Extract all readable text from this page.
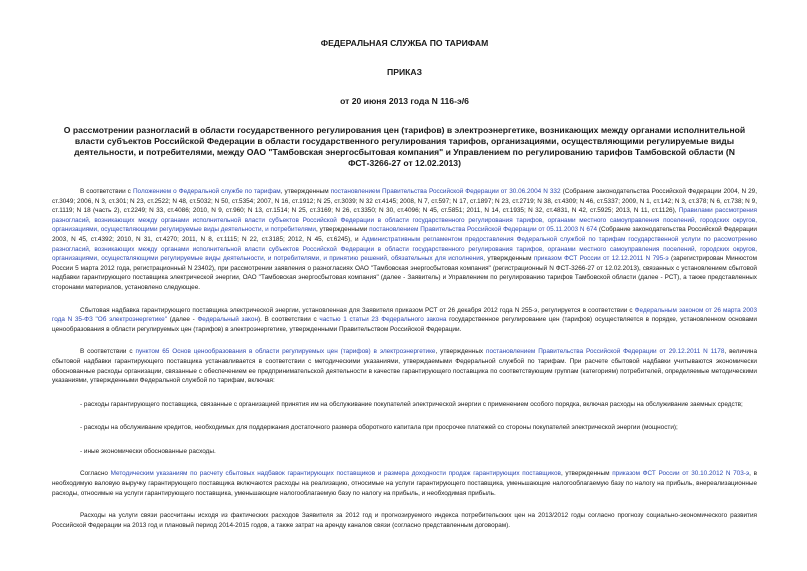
ФЕДЕРАЛЬНАЯ СЛУЖБА ПО ТАРИФАМ
ПРИКАЗ
от 20 июня 2013 года N 116-э/6
О рассмотрении разногласий в области государственного регулирования цен (тарифов) в электроэнергетике, возникающих между органами исполнительной власти субъектов Российской Федерации в области государственного регулирования тарифов, организациями, осуществляющими регулируемые виды деятельности, и потребителями, между ОАО "Тамбовская энергосбытовая компания" и Управлением по регулированию тарифов Тамбовской области (N ФСТ-3266-27 от 12.02.2013)

В соответствии с Положением о Федеральной службе по тарифам, утвержденным постановлением Правительства Российской Федерации от 30.06.2004 N 332 (Собрание законодательства Российской Федерации 2004, N 29, ст.3049; 2006, N 3, ст.301; N 23, ст.2522; N 48, ст.5032; N 50, ст.5354; 2007, N 16, ст.1912; N 25, ст.3039; N 32 ст.4145; 2008, N 7, ст.597; N 17, ст.1897; N 23, ст.2719; N 38, ст.4309; N 46, ст.5337; 2009, N 1, ст.142; N 3, ст.378; N 6, ст.738; N 9, ст.1119; N 18 (часть 2), ст.2249; N 33, ст.4086; 2010, N 9, ст.960; N 13, ст.1514; N 25, ст.3169; N 26, ст.3350; N 30, ст.4096; N 45, ст.5851; 2011, N 14, ст.1935; N 32, ст.4831, N 42, ст.5925; 2013, N 11, ст.1126), Правилами рассмотрения разногласий, возникающих между органами исполнительной власти субъектов Российской Федерации в области государственного регулирования тарифов, органами местного самоуправления поселений, городских округов, организациями, осуществляющими регулируемые виды деятельности, и потребителями, утвержденными постановлением Правительства Российской Федерации от 05.11.2003 N 674 (Собрание законодательства Российской Федерации 2003, N 45, ст.4392; 2010, N 31, ст.4270; 2011, N 8, ст.1115; N 22, ст.3185; 2012, N 45, ст.6245), и Административным регламентом предоставления Федеральной службой по тарифам государственной услуги по рассмотрению разногласий, возникающих между органами исполнительной власти субъектов Российской Федерации в области государственного регулирования тарифов, органами местного самоуправления поселений, городских округов, организациями, осуществляющими регулируемые виды деятельности, и потребителями, и принятию решений, обязательных для исполнения, утвержденным приказом ФСТ России от 12.12.2011 N 795-э (зарегистрирован Минюстом России 5 марта 2012 года, регистрационный N 23402), при рассмотрении заявления о разногласиях ОАО "Тамбовская энергосбытовая компания" (регистрационный N ФСТ-3266-27 от 12.02.2013), связанных с установлением сбытовой надбавки гарантирующего поставщика электрической энергии, ОАО "Тамбовская энергосбытовая компания" (далее - Заявитель) и Управлением по регулированию тарифов Тамбовской области (далее - РСТ), а также представленных сторонами материалов, установлено следующее.

Сбытовая надбавка гарантирующего поставщика электрической энергии, установленная для Заявителя приказом РСТ от 26 декабря 2012 года N 255-э, регулируется в соответствии с Федеральным законом от 26 марта 2003 года N 35-ФЗ "Об электроэнергетике" (далее - Федеральный закон). В соответствии с частью 1 статьи 23 Федерального закона государственное регулирование цен (тарифов) осуществляется в порядке, установленном основами ценообразования в области регулируемых цен (тарифов) в электроэнергетике, утвержденными Правительством Российской Федерации.

В соответствии с пунктом 65 Основ ценообразования в области регулируемых цен (тарифов) в электроэнергетике, утвержденных постановлением Правительства Российской Федерации от 29.12.2011 N 1178, величина сбытовой надбавки гарантирующего поставщика устанавливается в соответствии с методическими указаниями, утверждаемыми Федеральной службой по тарифам. При расчете сбытовой надбавки учитываются экономически обоснованные расходы организации, связанные с обеспечением ее предпринимательской деятельности в качестве гарантирующего поставщика по соответствующим группам (категориям) потребителей, определяемые методическими указаниями, утвержденными Федеральной службой по тарифам, включая:

- расходы гарантирующего поставщика, связанные с организацией принятия им на обслуживание покупателей электрической энергии с применением особого порядка, включая расходы на обслуживание заемных средств;

- расходы на обслуживание кредитов, необходимых для поддержания достаточного размера оборотного капитала при просрочке платежей со стороны покупателей электрической энергии (мощности);

- иные экономически обоснованные расходы.

Согласно Методическим указаниям по расчету сбытовых надбавок гарантирующих поставщиков и размера доходности продаж гарантирующих поставщиков, утвержденным приказом ФСТ России от 30.10.2012 N 703-э, в необходимую валовую выручку гарантирующего поставщика включаются расходы на реализацию, относимые на услуги гарантирующего поставщика, уменьшающие налогооблагаемую базу по налогу на прибыль, внереализационные расходы, относимые на услуги гарантирующего поставщика, уменьшающие налогооблагаемую базу по налогу на прибыль, и необходимая прибыль.

Расходы на услуги связи рассчитаны исходя из фактических расходов Заявителя за 2012 год и прогнозируемого индекса потребительских цен на 2013/2012 годы согласно прогнозу социально-экономического развития Российской Федерации на 2013 год и плановый период 2014-2015 годов, а также затрат на аренду каналов связи (согласно представленным договорам).
